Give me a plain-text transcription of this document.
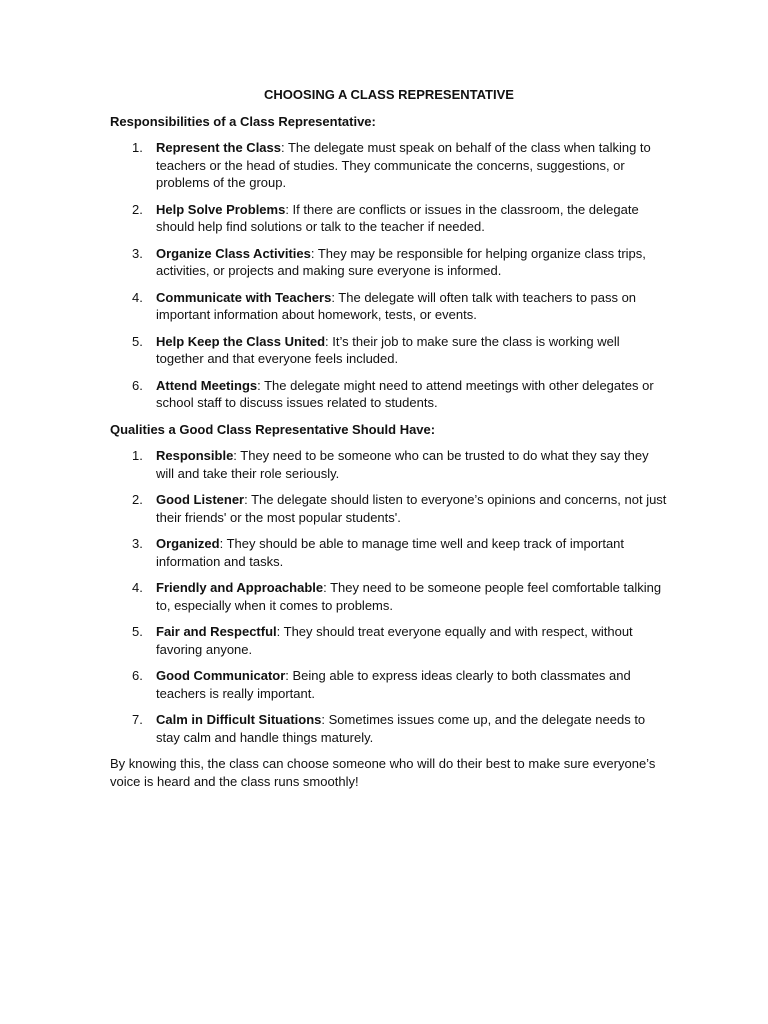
CHOOSING A CLASS REPRESENTATIVE
Responsibilities of a Class Representative:
1. Represent the Class: The delegate must speak on behalf of the class when talking to teachers or the head of studies. They communicate the concerns, suggestions, or problems of the group.
2. Help Solve Problems: If there are conflicts or issues in the classroom, the delegate should help find solutions or talk to the teacher if needed.
3. Organize Class Activities: They may be responsible for helping organize class trips, activities, or projects and making sure everyone is informed.
4. Communicate with Teachers: The delegate will often talk with teachers to pass on important information about homework, tests, or events.
5. Help Keep the Class United: It’s their job to make sure the class is working well together and that everyone feels included.
6. Attend Meetings: The delegate might need to attend meetings with other delegates or school staff to discuss issues related to students.
Qualities a Good Class Representative Should Have:
1. Responsible: They need to be someone who can be trusted to do what they say they will and take their role seriously.
2. Good Listener: The delegate should listen to everyone’s opinions and concerns, not just their friends' or the most popular students'.
3. Organized: They should be able to manage time well and keep track of important information and tasks.
4. Friendly and Approachable: They need to be someone people feel comfortable talking to, especially when it comes to problems.
5. Fair and Respectful: They should treat everyone equally and with respect, without favoring anyone.
6. Good Communicator: Being able to express ideas clearly to both classmates and teachers is really important.
7. Calm in Difficult Situations: Sometimes issues come up, and the delegate needs to stay calm and handle things maturely.

By knowing this, the class can choose someone who will do their best to make sure everyone’s voice is heard and the class runs smoothly!
